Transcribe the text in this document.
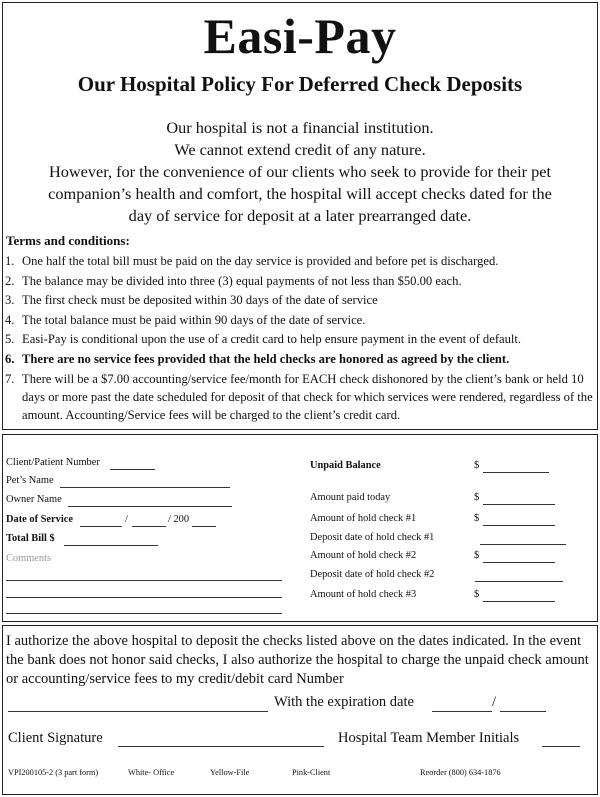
Easi-Pay
Our Hospital Policy For Deferred Check Deposits
Our hospital is not a financial institution.
We cannot extend credit of any nature.
However, for the convenience of our clients who seek to provide for their pet
companion’s health and comfort, the hospital will accept checks dated for the
day of service for deposit at a later prearranged date.
Terms and conditions:
1. One half the total bill must be paid on the day service is provided and before pet is discharged.
2. The balance may be divided into three (3) equal payments of not less than $50.00 each.
3. The first check must be deposited within 30 days of the date of service
4. The total balance must be paid within 90 days of the date of service.
5. Easi-Pay is conditional upon the use of a credit card to help ensure payment in the event of default.
6. There are no service fees provided that the held checks are honored as agreed by the client.
7. There will be a $7.00 accounting/service fee/month for EACH check dishonored by the client’s bank or held 10 days or more past the date scheduled for deposit of that check for which services were rendered, regardless of the amount. Accounting/Service fees will be charged to the client’s credit card.
Client/Patient Number
Pet’s Name
Owner Name
Date of Service	/	/ 200
Total Bill $
Comments
Unpaid Balance	$
Amount paid today	$
Amount of hold check #1	$
Deposit date of hold check #1
Amount of hold check #2	$
Deposit date of hold check #2
Amount of hold check #3	$
I authorize the above hospital to deposit the checks listed above on the dates indicated. In the event the bank does not honor said checks, I also authorize the hospital to charge the unpaid check amount or accounting/service fees to my credit/debit card Number
With the expiration date	/
Client Signature	Hospital Team Member Initials
VPI200105-2 (3 part form)	White- Office	Yellow-File	Pink-Client	Reorder (800) 634-1876
